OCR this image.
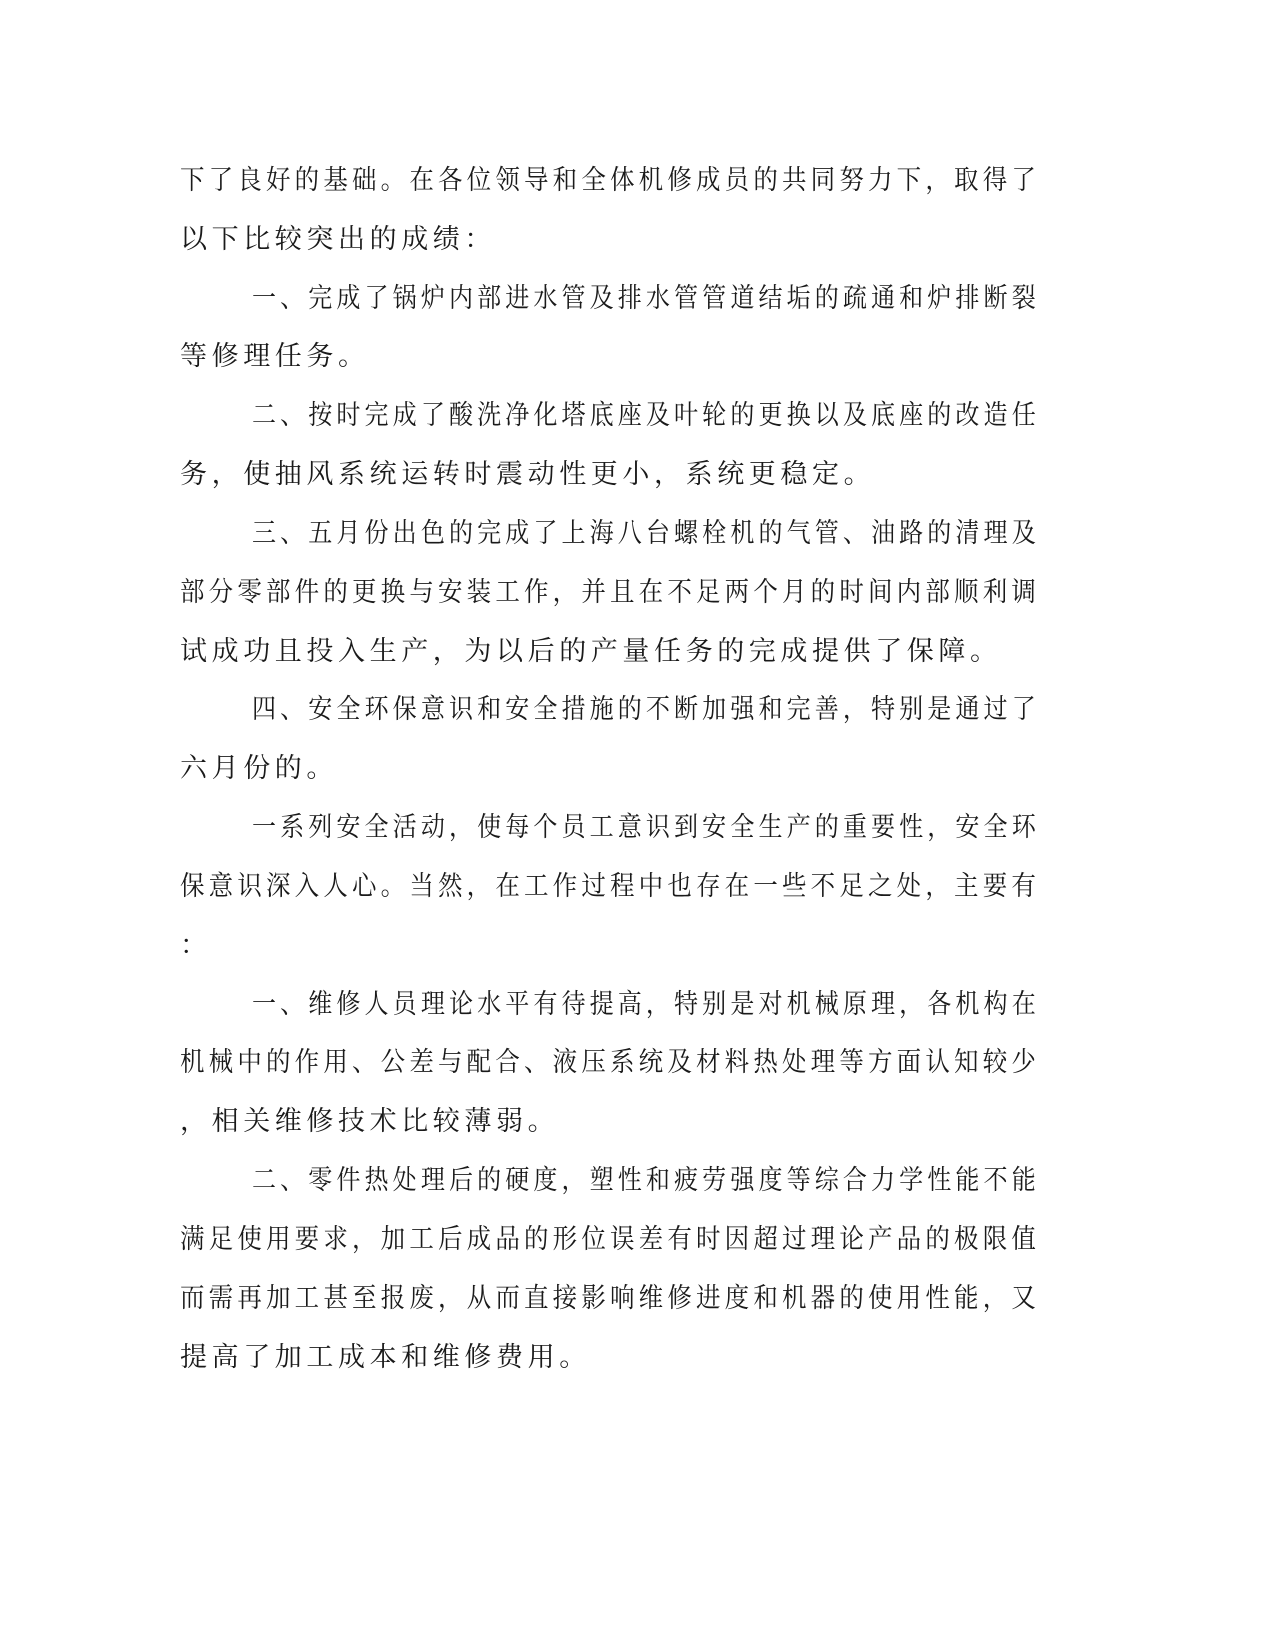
下了良好的基础。在各位领导和全体机修成员的共同努力下，取得了
以下比较突出的成绩：
一、完成了锅炉内部进水管及排水管管道结垢的疏通和炉排断裂
等修理任务。
二、按时完成了酸洗净化塔底座及叶轮的更换以及底座的改造任
务，使抽风系统运转时震动性更小，系统更稳定。
三、五月份出色的完成了上海八台螺栓机的气管、油路的清理及
部分零部件的更换与安装工作，并且在不足两个月的时间内部顺利调
试成功且投入生产，为以后的产量任务的完成提供了保障。
四、安全环保意识和安全措施的不断加强和完善，特别是通过了
六月份的。
一系列安全活动，使每个员工意识到安全生产的重要性，安全环
保意识深入人心。当然，在工作过程中也存在一些不足之处，主要有
：
一、维修人员理论水平有待提高，特别是对机械原理，各机构在
机械中的作用、公差与配合、液压系统及材料热处理等方面认知较少
，相关维修技术比较薄弱。
二、零件热处理后的硬度，塑性和疲劳强度等综合力学性能不能
满足使用要求，加工后成品的形位误差有时因超过理论产品的极限值
而需再加工甚至报废，从而直接影响维修进度和机器的使用性能，又
提高了加工成本和维修费用。
